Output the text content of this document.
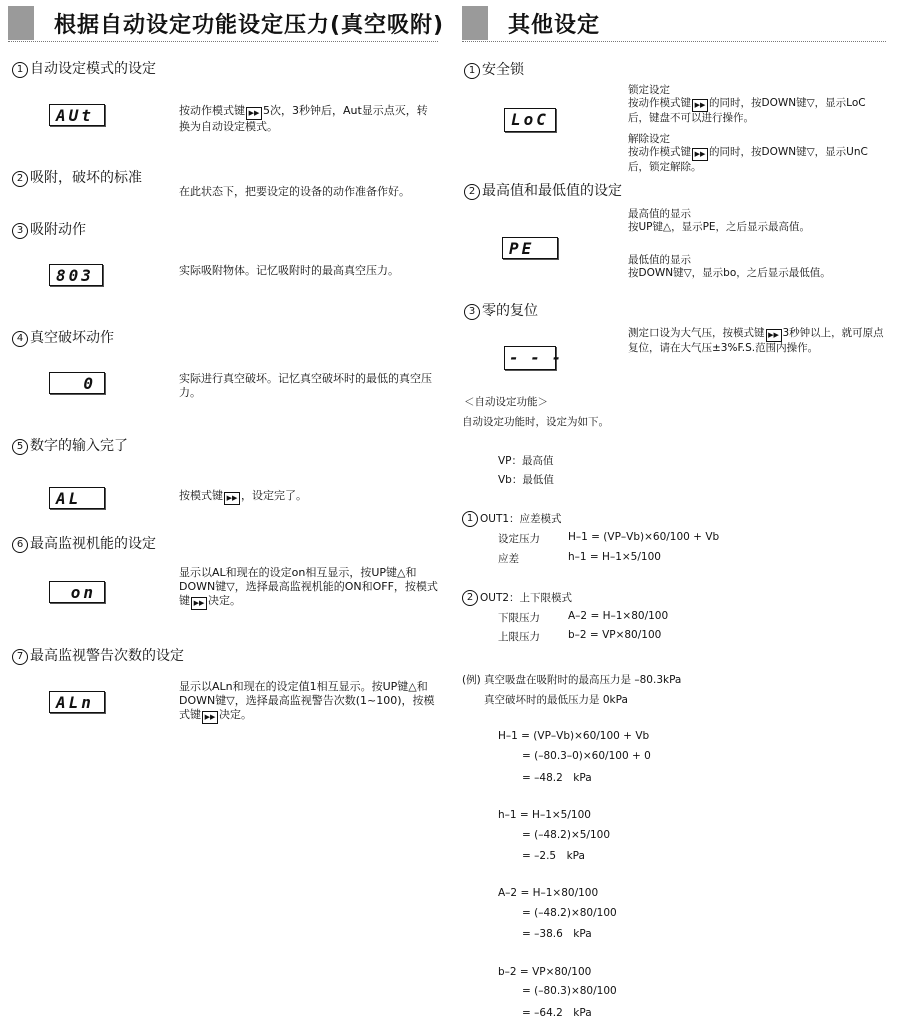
根据自动设定功能设定压力(真空吸附)
1 自动设定模式的设定
AUt	按动作模式键 ▶▶ 5次，3秒钟后，Aut显示点灭，转换为自动设定模式。
2 吸附，破坏的标准
在此状态下，把要设定的设备的动作准备作好。
3 吸附动作
803	实际吸附物体。记忆吸附时的最高真空压力。
4 真空破坏动作
0	实际进行真空破坏。记忆真空破坏时的最低的真空压力。
5 数字的输入完了
AL	按模式键 ▶▶ ，设定完了。
6 最高监视机能的设定
on
显示以AL和现在的设定on相互显示，按UP键△和DOWN键▽，选择最高监视机能的ON和OFF，按模式键 ▶▶ 决定。
7 最高监视警告次数的设定
ALn
显示以ALn和现在的设定值1相互显示。按UP键△和DOWN键▽，选择最高监视警告次数(1~100)，按模式键 ▶▶ 决定。
其他设定
1 安全锁
LoC
锁定设定
按动作模式键 ▶▶ 的同时，按DOWN键▽，显示LoC后，键盘不可以进行操作。
解除设定
按动作模式键 ▶▶ 的同时，按DOWN键▽，显示UnC后，锁定解除。
2 最高值和最低值的设定
PE
最高值的显示
按UP键△，显示PE，之后显示最高值。
最低值的显示
按DOWN键▽，显示bo，之后显示最低值。
3 零的复位
- - -
测定口设为大气压，按模式键 ▶▶ 3秒钟以上，就可原点复位，请在大气压±3%F.S.范围内操作。
＜自动设定功能＞
自动设定功能时，设定为如下。
VP：最高值
Vb：最低值
1 OUT1：应差模式
设定压力	H–1 = (VP–Vb)×60/100 + Vb
应差	h–1 = H–1×5/100
2 OUT2：上下限模式
下限压力	A–2 = H–1×80/100
上限压力	b–2 = VP×80/100
(例) 真空吸盘在吸附时的最高压力是 –80.3kPa
真空破坏时的最低压力是 0kPa
H–1 = (VP–Vb)×60/100 + Vb
= (–80.3–0)×60/100 + 0
= –48.2　kPa
h–1 = H–1×5/100
= (–48.2)×5/100
= –2.5　kPa
A–2 = H–1×80/100
= (–48.2)×80/100
= –38.6　kPa
b–2 = VP×80/100
= (–80.3)×80/100
= –64.2　kPa
